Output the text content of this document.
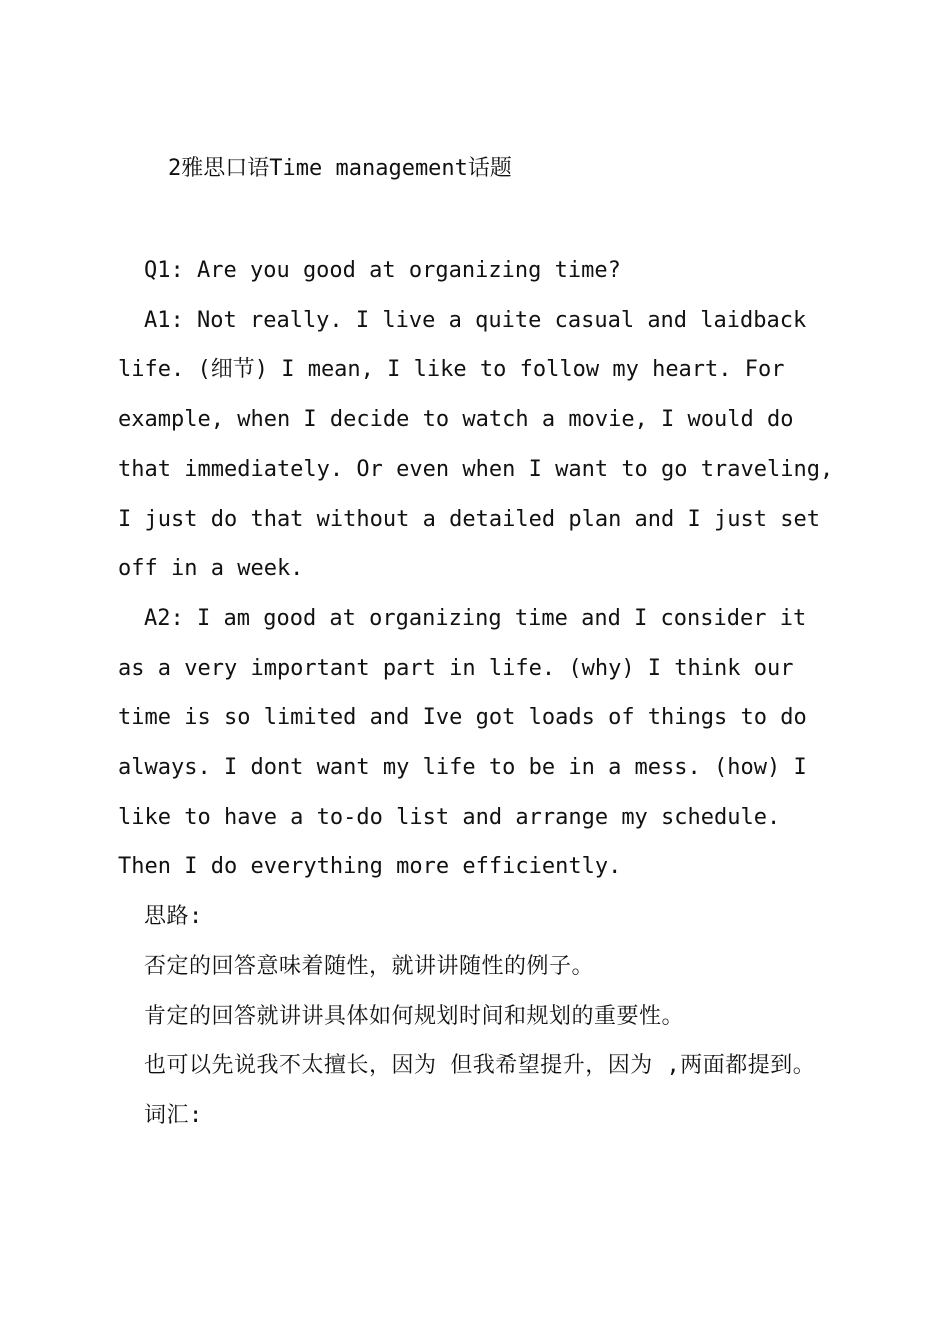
2雅思口语Time management话题

Q1: Are you good at organizing time?

A1: Not really. I live a quite casual and laidback life. (细节) I mean, I like to follow my heart. For example, when I decide to watch a movie, I would do that immediately. Or even when I want to go traveling, I just do that without a detailed plan and I just set off in a week.

A2: I am good at organizing time and I consider it as a very important part in life. (why) I think our time is so limited and Ive got loads of things to do always. I dont want my life to be in a mess. (how) I like to have a to-do list and arrange my schedule. Then I do everything more efficiently.

思路:

否定的回答意味着随性，就讲讲随性的例子。

肯定的回答就讲讲具体如何规划时间和规划的重要性。

也可以先说我不太擅长，因为 但我希望提升，因为 ,两面都提到。

词汇:
